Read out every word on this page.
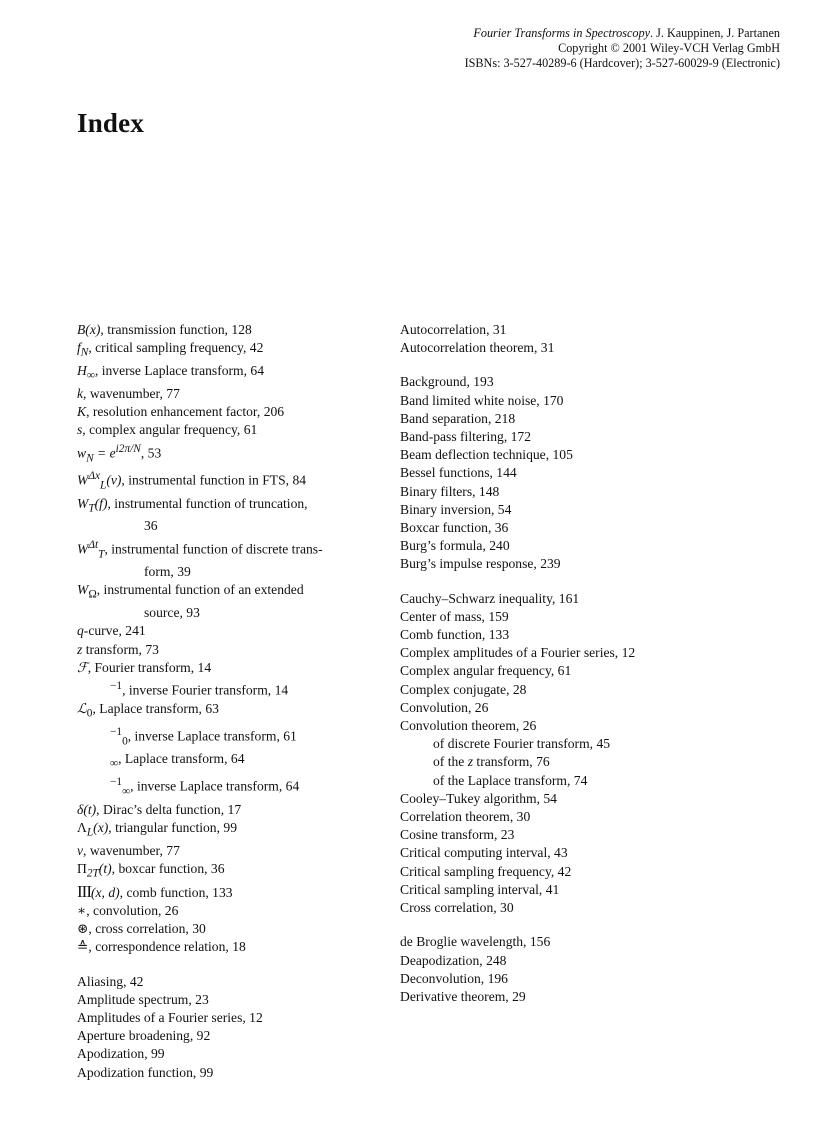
Fourier Transforms in Spectroscopy. J. Kauppinen, J. Partanen
Copyright © 2001 Wiley-VCH Verlag GmbH
ISBNs: 3-527-40289-6 (Hardcover); 3-527-60029-9 (Electronic)
Index
B(x), transmission function, 128
$f_N$, critical sampling frequency, 42
$H_\infty$, inverse Laplace transform, 64
k, wavenumber, 77
K, resolution enhancement factor, 206
s, complex angular frequency, 61
$w_N = e^{i2\pi/N}$, 53
$W^{\Delta x}_L(\nu)$, instrumental function in FTS, 84
$W_T(f)$, instrumental function of truncation,
36
$W^{\Delta t}_T$, instrumental function of discrete trans-
form, 39
$W_\Omega$, instrumental function of an extended
source, 93
q-curve, 241
z transform, 73
ℱ, Fourier transform, 14
$^{-1}$, inverse Fourier transform, 14
ℒ$_0$, Laplace transform, 63
$^{-1}_0$, inverse Laplace transform, 61
$_\infty$, Laplace transform, 64
$^{-1}_\infty$, inverse Laplace transform, 64
δ(t), Dirac’s delta function, 17
$\Lambda_L(x)$, triangular function, 99
ν, wavenumber, 77
$\Pi_{2T}(t)$, boxcar function, 36
III(x, d), comb function, 133
∗, convolution, 26
⊛, cross correlation, 30
≙, correspondence relation, 18
Aliasing, 42
Amplitude spectrum, 23
Amplitudes of a Fourier series, 12
Aperture broadening, 92
Apodization, 99
Apodization function, 99
Autocorrelation, 31
Autocorrelation theorem, 31
Background, 193
Band limited white noise, 170
Band separation, 218
Band-pass filtering, 172
Beam deflection technique, 105
Bessel functions, 144
Binary filters, 148
Binary inversion, 54
Boxcar function, 36
Burg’s formula, 240
Burg’s impulse response, 239
Cauchy–Schwarz inequality, 161
Center of mass, 159
Comb function, 133
Complex amplitudes of a Fourier series, 12
Complex angular frequency, 61
Complex conjugate, 28
Convolution, 26
Convolution theorem, 26
of discrete Fourier transform, 45
of the z transform, 76
of the Laplace transform, 74
Cooley–Tukey algorithm, 54
Correlation theorem, 30
Cosine transform, 23
Critical computing interval, 43
Critical sampling frequency, 42
Critical sampling interval, 41
Cross correlation, 30
de Broglie wavelength, 156
Deapodization, 248
Deconvolution, 196
Derivative theorem, 29
